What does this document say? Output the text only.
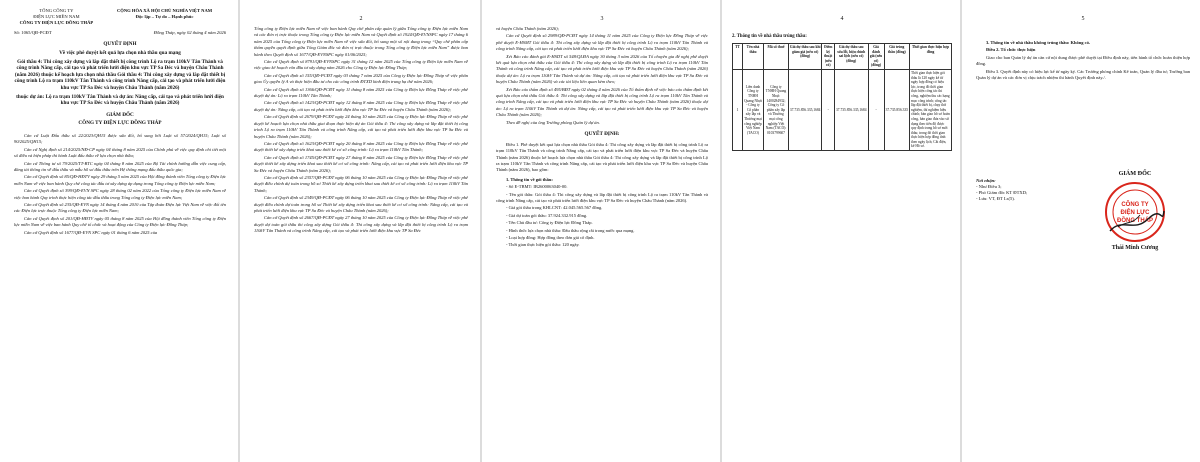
TỔNG CÔNG TY
ĐIỆN LỰC MIỀN NAM
CÔNG TY ĐIỆN LỰC ĐỒNG THÁP
CỘNG HÒA XÃ HỘI CHỦ NGHĨA VIỆT NAM
Độc lập – Tự do – Hạnh phúc
Số: 1065/QĐ-PCĐT	Đồng Tháp, ngày 02 tháng 4 năm 2026
QUYẾT ĐỊNH
Về việc phê duyệt kết quả lựa chọn nhà thầu qua mạng
Gói thầu 4: Thi công xây dựng và lắp đặt thiết bị công trình Lộ ra trạm 110kV Tân Thành và công trình Nâng cấp, cải tạo và phát triển lưới điện khu vực TP Sa Đéc và huyện Châu Thành (năm 2026) thuộc kế hoạch lựa chọn nhà thầu Gói thầu 4: Thi công xây dựng và lắp đặt thiết bị công trình Lộ ra trạm 110kV Tân Thành và công trình Nâng cấp, cải tạo và phát triển lưới điện khu vực TP Sa Đéc và huyện Châu Thành (năm 2026)
thuộc dự án: Lộ ra trạm 110kV Tân Thành và dự án: Nâng cấp, cải tạo và phát triển lưới điện khu vực TP Sa Đéc và huyện Châu Thành (năm 2026)
GIÁM ĐỐC
CÔNG TY ĐIỆN LỰC ĐỒNG THÁP

Căn cứ Luật Đấu thầu số 22/2023/QH15 được sửa đổi, bổ sung bởi Luật số 57/2024/QH15; Luật số 90/2025/QH15;

Căn cứ Nghị định số 214/2025/NĐ-CP ngày 04 tháng 8 năm 2025 của Chính phủ về việc quy định chi tiết một số điều và biện pháp thi hành Luật đấu thầu về lựa chọn nhà thầu;

Căn cứ Thông tư số 79/2025/TT-BTC ngày 04 tháng 8 năm 2025 của Bộ Tài chính hướng dẫn việc cung cấp, đăng tải thông tin về đấu thầu và mẫu hồ sơ đấu thầu trên Hệ thống mạng đấu thầu quốc gia;

Căn cứ Quyết định số 85/QĐ-HĐTV ngày 29 tháng 5 năm 2025 của Hội đồng thành viên Tổng công ty Điện lực miền Nam về việc ban hành Quy chế công tác đấu tư xây dựng áp dụng trong Tổng công ty Điện lực miền Nam;

Căn cứ Quyết định số 399/QĐ-EVN SPC ngày 28 tháng 02 năm 2022 của Tổng công ty Điện lực miền Nam về việc ban hành Quy trình thực hiện công tác đấu thầu trong Tổng công ty Điện lực miền Nam;

Căn cứ Quyết định số 235/QĐ-EVN ngày 14 tháng 4 năm 2010 của Tập đoàn Điện lực Việt Nam về việc đổi tên các Điện lực trực thuộc Tổng công ty Điện lực miền Nam;

Căn cứ Quyết định số 201/QĐ-HĐTV ngày 05 tháng 8 năm 2025 của Hội đồng thành viên Tổng công ty Điện lực miền Nam về việc ban hành Quy chế tổ chức và hoạt động của Công ty Điện lực Đồng Tháp;

Căn cứ Quyết định số 1677/QĐ-EVN SPC ngày 01 tháng 6 năm 2025 của

2

Tổng công ty Điện lực miền Nam về việc ban hành Quy chế phân cấp quản lý giữa Tổng công ty Điện lực miền Nam và các đơn vị trực thuộc trong Tổng công ty Điện lực miền Nam và Quyết định số 1924/QĐ-EVNSPC ngày 17 tháng 6 năm 2025 của Tổng công ty Điện lực miền Nam về việc sửa đổi, bổ sung một số nội dung trong “Quy chế phân cấp thẩm quyền quyết định giữa Tổng Giám đốc và đơn vị trực thuộc trong Tổng công ty Điện lực miền Nam” được ban hành theo Quyết định số 1677/QĐ-EVNSPC ngày 01/06/2025;

Căn cứ Quyết định số 8791/QĐ-EVNSPC ngày 31 tháng 12 năm 2025 của Tổng công ty Điện lực miền Nam về việc giao kế hoạch vốn đầu tư xây dựng năm 2026 cho Công ty Điện lực Đồng Tháp;

Căn cứ Quyết định số 155/QĐ-PCĐT ngày 03 tháng 7 năm 2025 của Công ty Điện lực Đồng Tháp về việc phân giao Ủy quyền lý A và thực hiện đầu tư cho các công trình ĐTXD kinh điện trung hạ thế năm 2026;

Căn cứ Quyết định số 1366/QĐ-PCĐT ngày 11 tháng 8 năm 2025 của Công ty Điện lực Đồng Tháp về việc phê duyệt dự án: Lộ ra trạm 110kV Tân Thành;

Căn cứ Quyết định số 1423/QĐ-PCĐT ngày 12 tháng 8 năm 2025 của Công ty Điện lực Đồng Tháp về việc phê duyệt dự án: Nâng cấp, cải tạo và phát triển lưới điện khu vực TP Sa Đéc và huyện Châu Thành (năm 2026);

Căn cứ Quyết định số 2679/QĐ-PCĐT ngày 24 tháng 10 năm 2025 của Công ty Điện lực Đồng Tháp về việc phê duyệt kế hoạch lựa chọn nhà thầu giai đoạn thực hiện dự án Gói thầu 4: Thi công xây dựng và lắp đặt thiết bị công trình Lộ ra trạm 110kV Tân Thành và công trình Nâng cấp, cải tạo và phát triển lưới điện khu vực TP Sa Đéc và huyện Châu Thành (năm 2026);

Căn cứ Quyết định số 1623/QĐ-PCĐT ngày 20 tháng 8 năm 2025 của Công ty Điện lực Đồng Tháp về việc phê duyệt thiết kế xây dựng triển khai sau thiết kế cơ sở công trình: Lộ ra trạm 110kV Tân Thành;

Căn cứ Quyết định số 1745/QĐ-PCĐT ngày 27 tháng 8 năm 2025 của Công ty Điện lực Đồng Tháp về việc phê duyệt thiết kế xây dựng triển khai sau thiết kế cơ sở công trình: Nâng cấp, cải tạo và phát triển lưới điện khu vực TP Sa Đéc và huyện Châu Thành (năm 2026);

Căn cứ Quyết định số 2357/QĐ-PCĐT ngày 06 tháng 10 năm 2025 của Công ty Điện lực Đồng Tháp về việc phê duyệt điều chỉnh dự toán trong hồ sơ Thiết kế xây dựng triển khai sau thiết kế cơ sở công trình: Lộ ra trạm 110kV Tân Thành;

Căn cứ Quyết định số 2349/QĐ-PCĐT ngày 06 tháng 10 năm 2025 của Công ty Điện lực Đồng Tháp về việc phê duyệt điều chỉnh dự toán trong hồ sơ Thiết kế xây dựng triển khai sau thiết kế cơ sở công trình: Nâng cấp, cải tạo và phát triển lưới điện khu vực TP Sa Đéc và huyện Châu Thành (năm 2026);

Căn cứ Quyết định số 2667/QĐ-PCĐT ngày 27 tháng 10 năm 2025 của Công ty Điện lực Đồng Tháp về việc phê duyệt dự toán gói thầu thi công xây dựng Gói thầu 4: Thi công xây dựng và lắp đặt thiết bị công trình Lộ ra trạm 110kV Tân Thành và công trình Nâng cấp, cải tạo và phát triển lưới điện khu vực TP Sa Đéc

3

và huyện Châu Thành (năm 2026);

Căn cứ Quyết định số 2989/QĐ-PCĐT ngày 14 tháng 11 năm 2025 của Công ty Điện lực Đồng Tháp về việc phê duyệt E-HSMT Gói thầu 4: Thi công xây dựng và lắp đặt thiết bị công trình Lộ ra trạm 110kV Tân Thành và công trình Nâng cấp, cải tạo và phát triển lưới điện khu vực TP Sa Đéc và huyện Châu Thành (năm 2026);

Xét Báo cáo đánh giá E-HSDT số 548/QLĐA ngày 30 tháng 3 năm 2026 của Tổ chuyên gia để nghị phê duyệt kết quả lựa chọn nhà thầu của Gói thầu 4: Thi công xây dựng và lắp đặt thiết bị công trình Lộ ra trạm 110kV Tân Thành và công trình Nâng cấp, cải tạo và phát triển lưới điện khu vực TP Sa Đéc và huyện Châu Thành (năm 2026) thuộc dự án: Lộ ra trạm 110kV Tân Thành và dự án: Nâng cấp, cải tạo và phát triển lưới điện khu vực TP Sa Đéc và huyện Châu Thành (năm 2026) và các tài liệu liên quan kèm theo;

Xét Báo cáo thẩm định số 495/BĐT ngày 02 tháng 4 năm 2026 của Tổ thẩm định về việc báo cáo thẩm định kết quả lựa chọn nhà thầu Gói thầu 4: Thi công xây dựng và lắp đặt thiết bị công trình Lộ ra trạm 110kV Tân Thành và công trình Nâng cấp, cải tạo và phát triển lưới điện khu vực TP Sa Đéc và huyện Châu Thành (năm 2026) thuộc dự án: Lộ ra trạm 110kV Tân Thành và dự án: Nâng cấp, cải tạo và phát triển lưới điện khu vực TP Sa Đéc và huyện Châu Thành (năm 2026);

Theo đề nghị của ông Trưởng phòng Quản lý dự án.

QUYẾT ĐỊNH:

Điều 1. Phê duyệt kết quả lựa chọn nhà thầu Gói thầu 4: Thi công xây dựng và lắp đặt thiết bị công trình Lộ ra trạm 110kV Tân Thành và công trình Nâng cấp, cải tạo và phát triển lưới điện khu vực TP Sa Đéc và huyện Châu Thành (năm 2026) thuộc kế hoạch lựa chọn nhà thầu Gói thầu 4: Thi công xây dựng và lắp đặt thiết bị công trình Lộ ra trạm 110kV Tân Thành và công trình Nâng cấp, cải tạo và phát triển lưới điện khu vực TP Sa Đéc và huyện Châu Thành (năm 2026), bao gồm:

1. Thông tin về gói thầu:

- Số E-TBMT: IB2600063040-00.

- Tên gói thầu: Gói thầu 4: Thi công xây dựng và lắp đặt thiết bị công trình Lộ ra trạm 110kV Tân Thành và công trình Nâng cấp, cải tạo và phát triển lưới điện khu vực TP Sa Đéc và huyện Châu Thành (năm 2026).

- Giá gói thầu trong KHLCNT: 42.045.565.567 đồng.

- Giá dự toán gói thầu: 37.924.332.915 đồng.

- Tên Chủ đầu tư: Công ty Điện lực Đồng Tháp.

- Hình thức lựa chọn nhà thầu: Đấu thầu rộng rãi trong nước qua mạng.

- Loại hợp đồng: Hợp đồng theo đơn giá cố định.

- Thời gian thực hiện gói thầu: 120 ngày.

4
2. Thông tin về nhà thầu trúng thầu:
TT	Tên nhà thầu	Mã số thuế	Giá dự thầu sau khi giảm giá (nếu có) (đồng)	Điểm kỹ thuật (nếu có)	Giá dự thầu sau sửa lỗi, hiệu chỉnh sai lệch (nếu có) (đồng)	Giá đánh giá (nếu có) (đồng)	Giá trúng thầu (đồng)	Thời gian thực hiện hợp đồng
1	Liên danh Công ty TNHH Quang Nhựt - Công ty Cổ phần xây lắp và Thương mại công nghiệp Việt Nam (TACO)	Công ty TNHH Quang Nhựt: 1400284932; Công ty Cổ phần xây lắp và Thương mại công nghiệp Việt Nam (TACO): 0103799607	37.735.856.335,1684	-	37.735.856.335,1684	-	37.735.856.335	Thời gian thực hiện gói thầu là 120 ngày kể từ ngày hợp đồng có hiệu lực, trong đó thời gian thực hiện công tác thi công, nghiệm thu các hạng mục công trình; công tác lắp đặt thiết bị, chạy thử nghiệm, thí nghiệm hiệu chỉnh; bàn giao hồ sơ hoàn công, bàn giao đưa vào sử dụng theo tiến độ được quy định trong hồ sơ mời thầu; trong đó thời gian thực hiện hợp đồng tính theo ngày lịch; Cắt điện, kế Hồ sơ.
5

3. Thông tin về nhà thầu không trúng thầu: Không có.

Điều 2. Tổ chức thực hiện

Giao cho ban Quản lý dự án căn cứ nội dung được phê duyệt tại Điều định này, tiến hành tổ chức hoàn thiện hợp đồng.

Điều 3. Quyết định này có hiệu lực kể từ ngày ký. Các Trưởng phòng chính Kế toán, Quản lý đầu tư; Trưởng ban Quản lý dự án và các đơn vị chịu trách nhiệm thi hành Quyết định này./.

Nơi nhận:
- Như Điều 3;
- Phó Giám đốc KT ĐTXD;
- Lưu: VT, ĐT Ls(5).
GIÁM ĐỐC
CÔNG TY
ĐIỆN LỰC
ĐỒNG THÁP
Thái Minh Cương
